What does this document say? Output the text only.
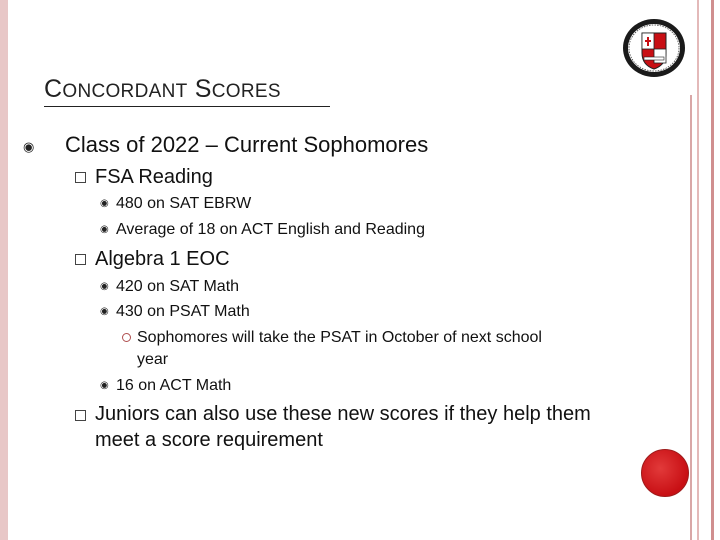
CONCORDANT SCORES
◉ Class of 2022 – Current Sophomores
FSA Reading
◉ 480 on SAT EBRW
◉ Average of 18 on ACT English and Reading
Algebra 1 EOC
◉ 420 on SAT Math
◉ 430 on PSAT Math
Sophomores will take the PSAT in October of next school
year
◉ 16 on ACT Math
Juniors can also use these new scores if they help them
meet a score requirement
